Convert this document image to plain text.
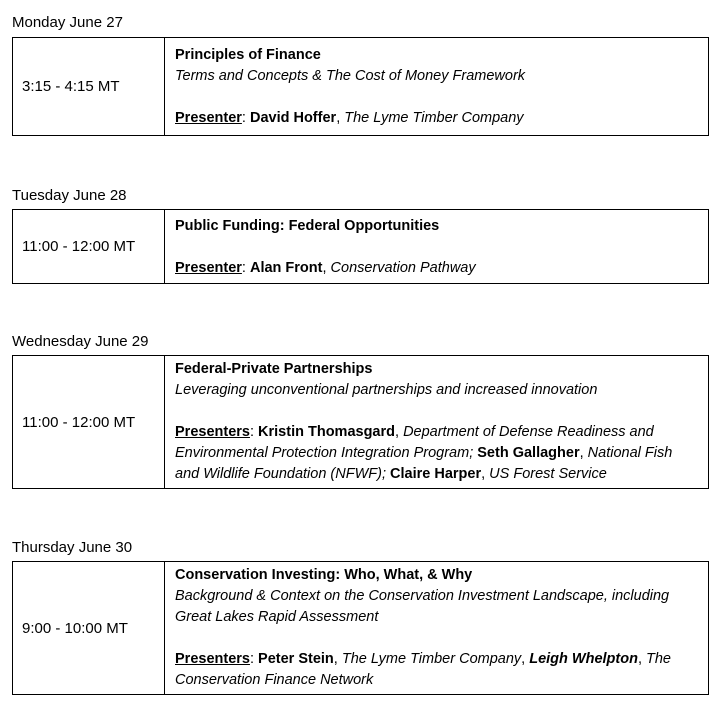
Monday June 27
3:15 - 4:15 MT	
Principles of Finance
Terms and Concepts & The Cost of Money Framework
Presenter: David Hoffer, The Lyme Timber Company
Tuesday June 28
11:00 - 12:00 MT	
Public Funding: Federal Opportunities
Presenter: Alan Front, Conservation Pathway
Wednesday June 29
11:00 - 12:00 MT	
Federal-Private Partnerships
Leveraging unconventional partnerships and increased innovation
Presenters: Kristin Thomasgard, Department of Defense Readiness and Environmental Protection Integration Program; Seth Gallagher, National Fish and Wildlife Foundation (NFWF); Claire Harper, US Forest Service
Thursday June 30
9:00 - 10:00 MT	
Conservation Investing: Who, What, & Why
Background & Context on the Conservation Investment Landscape, including Great Lakes Rapid Assessment
Presenters: Peter Stein, The Lyme Timber Company, Leigh Whelpton, The Conservation Finance Network
